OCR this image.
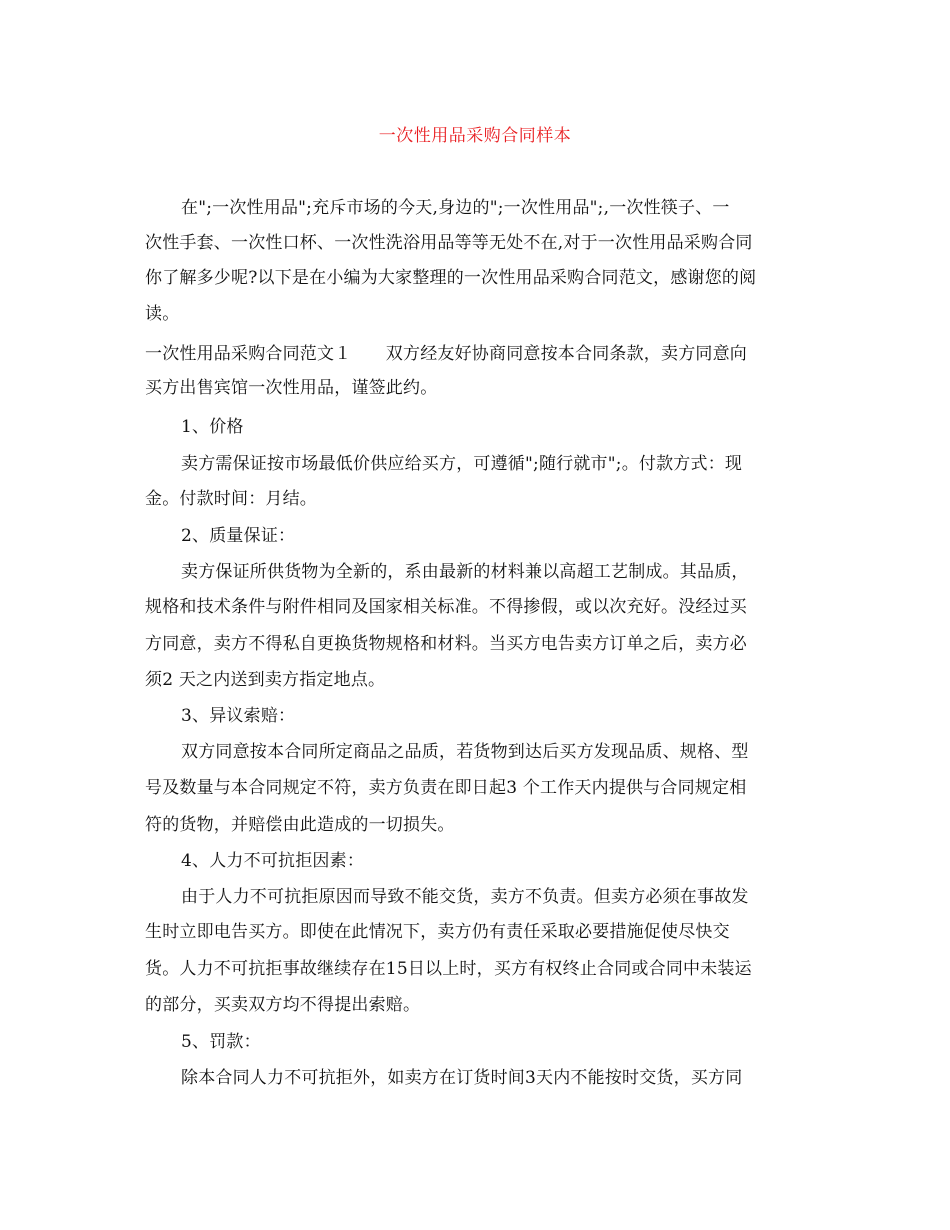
一次性用品采购合同样本
在";一次性用品";充斥市场的今天,身边的";一次性用品";,一次性筷子、一
次性手套、一次性口杯、一次性洗浴用品等等无处不在,对于一次性用品采购合同
你了解多少呢?以下是在小编为大家整理的一次性用品采购合同范文，感谢您的阅
读。
一次性用品采购合同范文１　　双方经友好协商同意按本合同条款，卖方同意向
买方出售宾馆一次性用品，谨签此约。
1、价格
卖方需保证按市场最低价供应给买方，可遵循";随行就市";。付款方式：现
金。付款时间：月结。
2、质量保证：
卖方保证所供货物为全新的，系由最新的材料兼以高超工艺制成。其品质，
规格和技术条件与附件相同及国家相关标准。不得掺假，或以次充好。没经过买
方同意，卖方不得私自更换货物规格和材料。当买方电告卖方订单之后，卖方必
须2 天之内送到卖方指定地点。
3、异议索赔：
双方同意按本合同所定商品之品质，若货物到达后买方发现品质、规格、型
号及数量与本合同规定不符，卖方负责在即日起3 个工作天内提供与合同规定相
符的货物，并赔偿由此造成的一切损失。
4、人力不可抗拒因素：
由于人力不可抗拒原因而导致不能交货，卖方不负责。但卖方必须在事故发
生时立即电告买方。即使在此情况下，卖方仍有责任采取必要措施促使尽快交
货。人力不可抗拒事故继续存在15日以上时，买方有权终止合同或合同中未装运
的部分，买卖双方均不得提出索赔。
5、罚款：
除本合同人力不可抗拒外，如卖方在订货时间3天内不能按时交货，买方同
